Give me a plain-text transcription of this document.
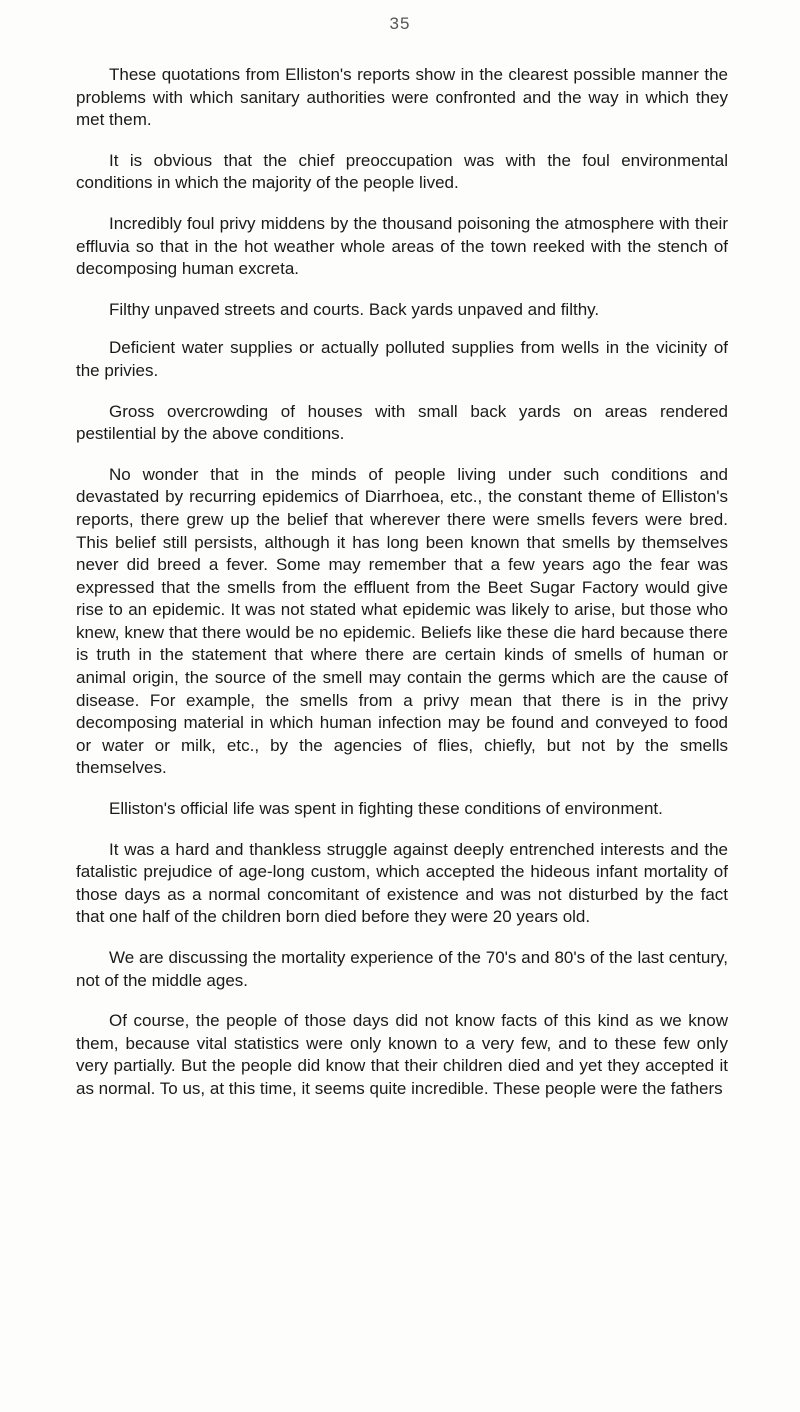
35

These quotations from Elliston's reports show in the clearest possible manner the problems with which sanitary authorities were confronted and the way in which they met them.

It is obvious that the chief preoccupation was with the foul environmental conditions in which the majority of the people lived.

Incredibly foul privy middens by the thousand poisoning the atmosphere with their effluvia so that in the hot weather whole areas of the town reeked with the stench of decomposing human excreta.

Filthy unpaved streets and courts. Back yards unpaved and filthy.

Deficient water supplies or actually polluted supplies from wells in the vicinity of the privies.

Gross overcrowding of houses with small back yards on areas rendered pestilential by the above conditions.

No wonder that in the minds of people living under such conditions and devastated by recurring epidemics of Diarrhoea, etc., the constant theme of Elliston's reports, there grew up the belief that wherever there were smells fevers were bred. This belief still persists, although it has long been known that smells by themselves never did breed a fever. Some may remember that a few years ago the fear was expressed that the smells from the effluent from the Beet Sugar Factory would give rise to an epidemic. It was not stated what epidemic was likely to arise, but those who knew, knew that there would be no epidemic. Beliefs like these die hard because there is truth in the statement that where there are certain kinds of smells of human or animal origin, the source of the smell may contain the germs which are the cause of disease. For example, the smells from a privy mean that there is in the privy decomposing material in which human infection may be found and conveyed to food or water or milk, etc., by the agencies of flies, chiefly, but not by the smells themselves.

Elliston's official life was spent in fighting these conditions of environment.

It was a hard and thankless struggle against deeply entrenched interests and the fatalistic prejudice of age-long custom, which accepted the hideous infant mortality of those days as a normal concomitant of existence and was not disturbed by the fact that one half of the children born died before they were 20 years old.

We are discussing the mortality experience of the 70's and 80's of the last century, not of the middle ages.

Of course, the people of those days did not know facts of this kind as we know them, because vital statistics were only known to a very few, and to these few only very partially. But the people did know that their children died and yet they accepted it as normal. To us, at this time, it seems quite incredible. These people were the fathers
